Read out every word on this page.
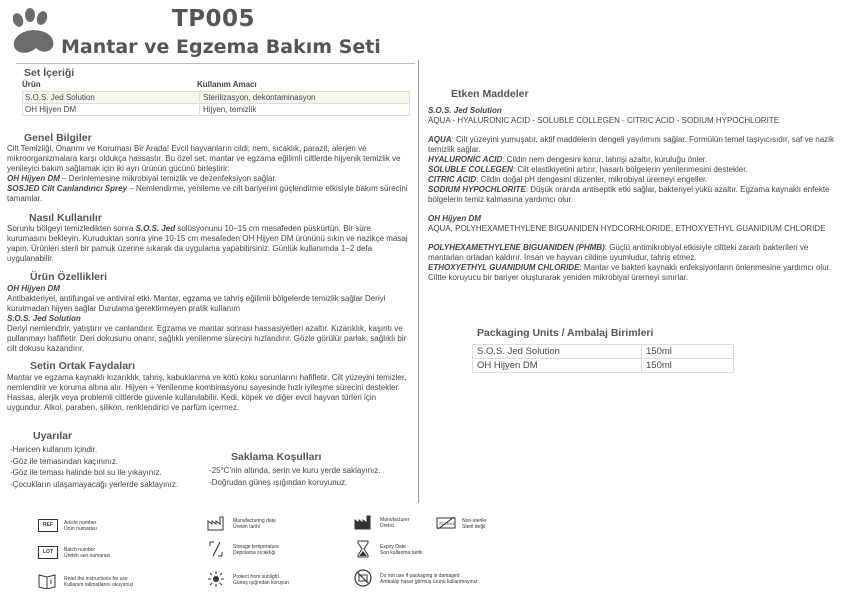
TP005
Mantar ve Egzema Bakım Seti
Set İçeriği
Ürün	Kullanım Amacı
S.O.S. Jed Solution	Sterilizasyon, dekontaminasyon
OH Hijyen DM	Hijyen, temizlik
Genel Bilgiler
Cilt Temizliği, Onarımı ve Koruması Bir Arada! Evcil hayvanların cildi; nem, sıcaklık, parazit, alerjen ve mikroorganizmalara karşı oldukça hassastır. Bu özel set, mantar ve egzama eğilimli ciltlerde hijyenik temizlik ve yenileyici bakım sağlamak için iki ayrı ürünün gücünü birleştirir:
OH Hijyen DM – Derinlemesine mikrobiyal temizlik ve dezenfeksiyon sağlar.
SOSJED Cilt Canlandırıcı Sprey – Nemlendirme, yenileme ve cilt bariyerini güçlendirme etkisiyle bakım sürecini tamamlar.
Nasıl Kullanılır
Sorunlu bölgeyi temizledikten sonra S.O.S. Jed solüsyonunu 10–15 cm mesafeden püskürtün. Bir süre kurumasını bekleyin. Kuruduktan sonra yine 10-15 cm mesafeden OH Hijyen DM ürününü sıkın ve nazikçe masaj yapın. Ürünleri steril bir pamuk üzerine sıkarak da uygulama yapabilirsiniz. Günlük kullanımda 1–2 defa uygulanabilir.
Ürün Özellikleri
OH Hijyen DM
Antibakteriyel, antifungal ve antiviral etki. Mantar, egzama ve tahriş eğilimli bölgelerde temizlik sağlar Deriyi kurutmadan hijyen sağlar Durulama gerektirmeyen pratik kullanım
S.O.S. Jed Solution
Deriyi nemlendirir, yatıştırır ve canlandırır. Egzama ve mantar sonrası hassasiyetleri azaltır. Kızarıklık, kaşıntı ve pullanmayı hafifletir. Deri dokusunu onarır, sağlıklı yenilenme sürecini hızlandırır. Gözle görülür parlak, sağlıklı bir cilt dokusu kazandırır.
Setin Ortak Faydaları
Mantar ve egzama kaynaklı kızarıklık, tahriş, kabuklanma ve kötü koku sorunlarını hafifletir. Cilt yüzeyini temizler, nemlendirir ve koruma altına alır. Hijyen + Yenilenme kombinasyonu sayesinde hızlı iyileşme sürecini destekler. Hassas, alerjik veya problemli ciltlerde güvenle kullanılabilir. Kedi, köpek ve diğer evcil hayvan türleri için uygundur. Alkol, paraben, silikon, renklendirici ve parfüm içermez.
Uyarılar
-Haricen kullanım içindir.
-Göz ile temasından kaçınınız.
-Göz ile teması halinde bol su ile yıkayınız.
-Çocukların ulaşamayacağı yerlerde saklayınız.
Saklama Koşulları
-25°C'nin altında, serin ve kuru yerde saklayınız.
-Doğrudan güneş ışığından koruyunuz.
Etken Maddeler
S.O.S. Jed Solution
AQUA - HYALURONIC ACID - SOLUBLE COLLEGEN - CITRIC ACID - SODIUM HYPOCHLORITE
AQUA: Cilt yüzeyini yumuşatır, aktif maddelerin dengeli yayılımını sağlar. Formülün temel taşıyıcısıdır, saf ve nazik temizlik sağlar.
HYALURONIC ACID: Cildin nem dengesini korur, tahrişi azaltır, kuruluğu önler.
SOLUBLE COLLEGEN: Cilt elastikiyetini artırır, hasarlı bölgelerin yenilenmesini destekler.
CITRIC ACID: Cildin doğal pH dengesini düzenler, mikrobiyal üremeyi engeller.
SODIUM HYPOCHLORITE: Düşük oranda antiseptik etki sağlar, bakteriyel yükü azaltır. Egzama kaynaklı enfekte bölgelerin temiz kalmasına yardımcı olur.
OH Hijyen DM
AQUA, POLYHEXAMETHYLENE BIGUANIDEN HYDCORHLORIDE, ETHOXYETHYL GUANIDIUM CHLORIDE
POLYHEXAMETHYLENE BIGUANIDEN (PHMB): Güçlü antimikrobiyal etkisiyle ciltteki zararlı bakterileri ve mantarları ortadan kaldırır. İnsan ve hayvan cildine uyumludur, tahriş etmez.
ETHOXYETHYL GUANIDIUM CHLORIDE: Mantar ve bakteri kaynaklı enfeksiyonların önlenmesine yardımcı olur. Ciltte koruyucu bir bariyer oluşturarak yeniden mikrobiyal üremeyi sınırlar.
Packaging Units / Ambalaj Birimleri
S.O.S. Jed Solution	150ml
OH Hijyen DM	150ml
REF	Article number
Ürün numarası
LOT	Batch number
Üretim seri numarası
i Read the instructions for use
Kullanım talimatlarını okuyunuz
Manufacturing date
Üretim tarihi
Storage temperature
Depolama sıcaklığı
Protect from sunlight.
Güneş ışığından koruyun
Manufacturer
Üretici
Expiry Date
Son kullanma tarihi
Do not use if packaging is damaged
Ambalajı hasar görmüş ürünü kullanmayınız
STERILE Non-sterile
Steril değil
